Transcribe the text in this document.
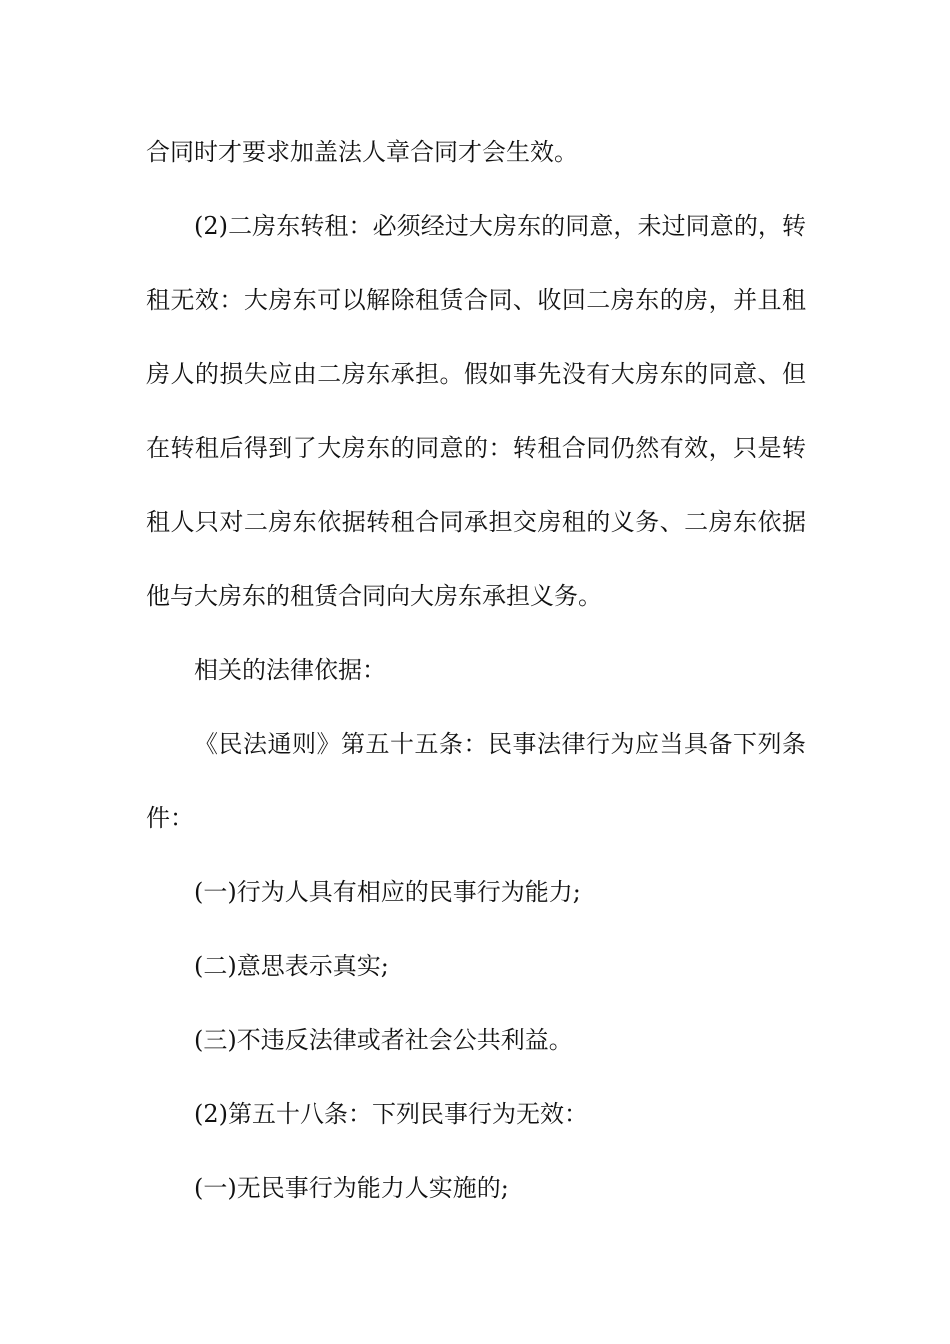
合同时才要求加盖法人章合同才会生效。
(2)二房东转租：必须经过大房东的同意，未过同意的，转
租无效：大房东可以解除租赁合同、收回二房东的房，并且租
房人的损失应由二房东承担。假如事先没有大房东的同意、但
在转租后得到了大房东的同意的：转租合同仍然有效，只是转
租人只对二房东依据转租合同承担交房租的义务、二房东依据
他与大房东的租赁合同向大房东承担义务。
相关的法律依据：
《民法通则》第五十五条：民事法律行为应当具备下列条
件：
(一)行为人具有相应的民事行为能力;
(二)意思表示真实;
(三)不违反法律或者社会公共利益。
(2)第五十八条：下列民事行为无效：
(一)无民事行为能力人实施的;
